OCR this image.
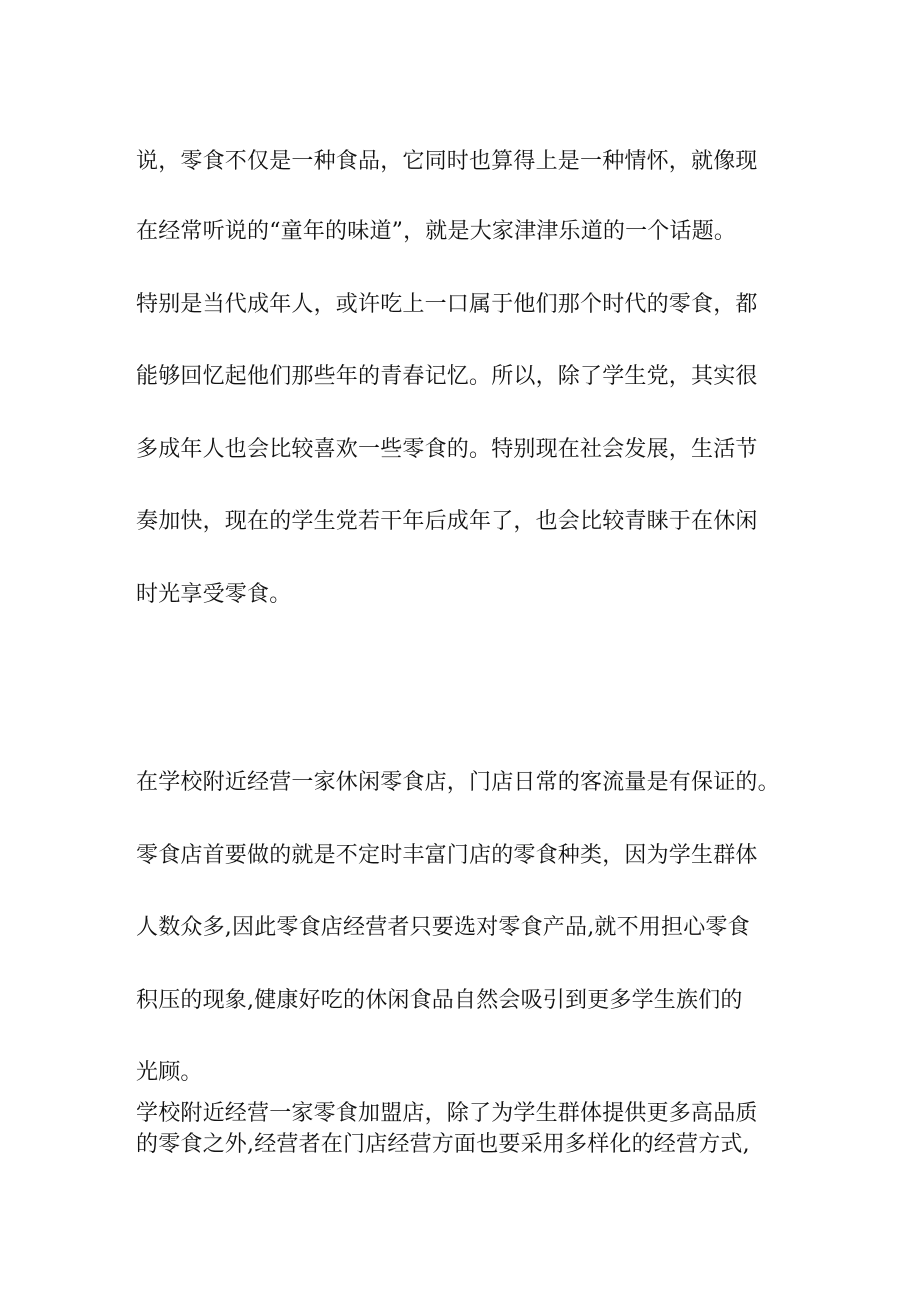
说，零食不仅是一种食品，它同时也算得上是一种情怀，就像现
在经常听说的“童年的味道”，就是大家津津乐道的一个话题。
特别是当代成年人，或许吃上一口属于他们那个时代的零食，都
能够回忆起他们那些年的青春记忆。所以，除了学生党，其实很
多成年人也会比较喜欢一些零食的。特别现在社会发展，生活节
奏加快，现在的学生党若干年后成年了，也会比较青睐于在休闲
时光享受零食。
在学校附近经营一家休闲零食店，门店日常的客流量是有保证的。
零食店首要做的就是不定时丰富门店的零食种类，因为学生群体
人数众多,因此零食店经营者只要选对零食产品,就不用担心零食
积压的现象,健康好吃的休闲食品自然会吸引到更多学生族们的
光顾。
学校附近经营一家零食加盟店，除了为学生群体提供更多高品质
的零食之外,经营者在门店经营方面也要采用多样化的经营方式,
